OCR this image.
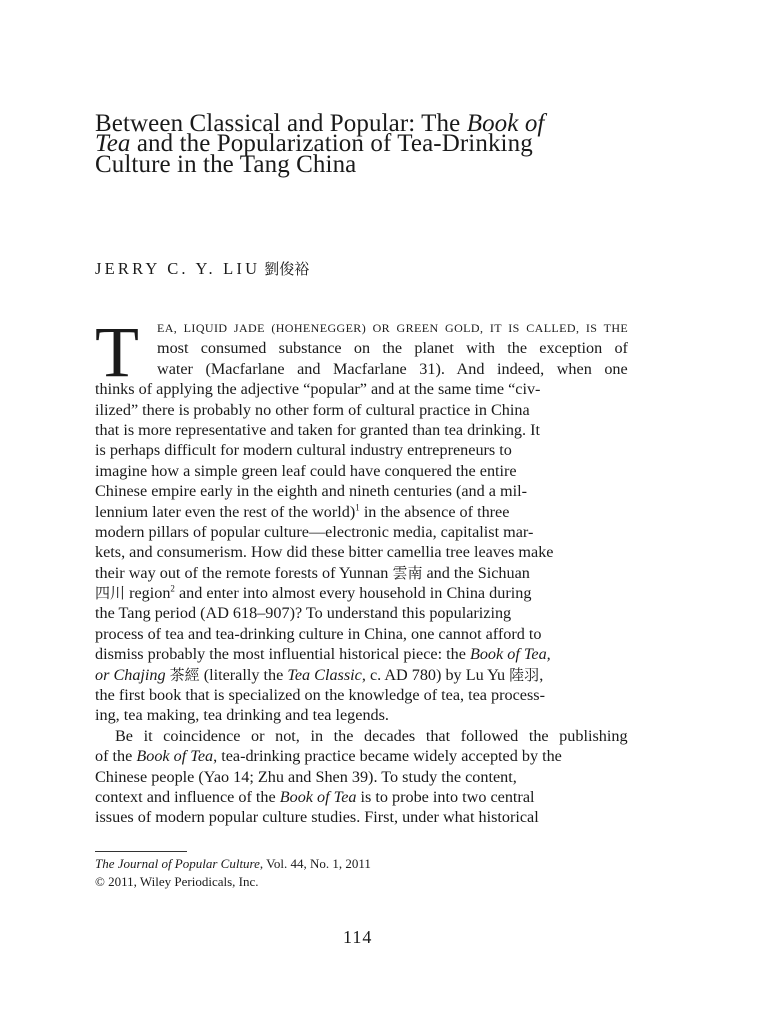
Between Classical and Popular: The Book of
Tea and the Popularization of Tea-Drinking
Culture in the Tang China
JERRY C. Y. LIU 劉俊裕
T EA, LIQUID JADE (HOHENEGGER) OR GREEN GOLD, IT IS CALLED, IS THE
most consumed substance on the planet with the exception of
water (Macfarlane and Macfarlane 31). And indeed, when one
thinks of applying the adjective “popular” and at the same time “civ-
ilized” there is probably no other form of cultural practice in China
that is more representative and taken for granted than tea drinking. It
is perhaps difficult for modern cultural industry entrepreneurs to
imagine how a simple green leaf could have conquered the entire
Chinese empire early in the eighth and nineth centuries (and a mil-
lennium later even the rest of the world)$^1$ in the absence of three
modern pillars of popular culture—electronic media, capitalist mar-
kets, and consumerism. How did these bitter camellia tree leaves make
their way out of the remote forests of Yunnan 雲南 and the Sichuan
四川 region$^2$ and enter into almost every household in China during
the Tang period (AD 618–907)? To understand this popularizing
process of tea and tea-drinking culture in China, one cannot afford to
dismiss probably the most influential historical piece: the Book of Tea,
or Chajing 茶經 (literally the Tea Classic, c. AD 780) by Lu Yu 陸羽,
the first book that is specialized on the knowledge of tea, tea process-
ing, tea making, tea drinking and tea legends.
Be it coincidence or not, in the decades that followed the publishing
of the Book of Tea, tea-drinking practice became widely accepted by the
Chinese people (Yao 14; Zhu and Shen 39). To study the content,
context and influence of the Book of Tea is to probe into two central
issues of modern popular culture studies. First, under what historical
The Journal of Popular Culture, Vol. 44, No. 1, 2011
© 2011, Wiley Periodicals, Inc.
114
